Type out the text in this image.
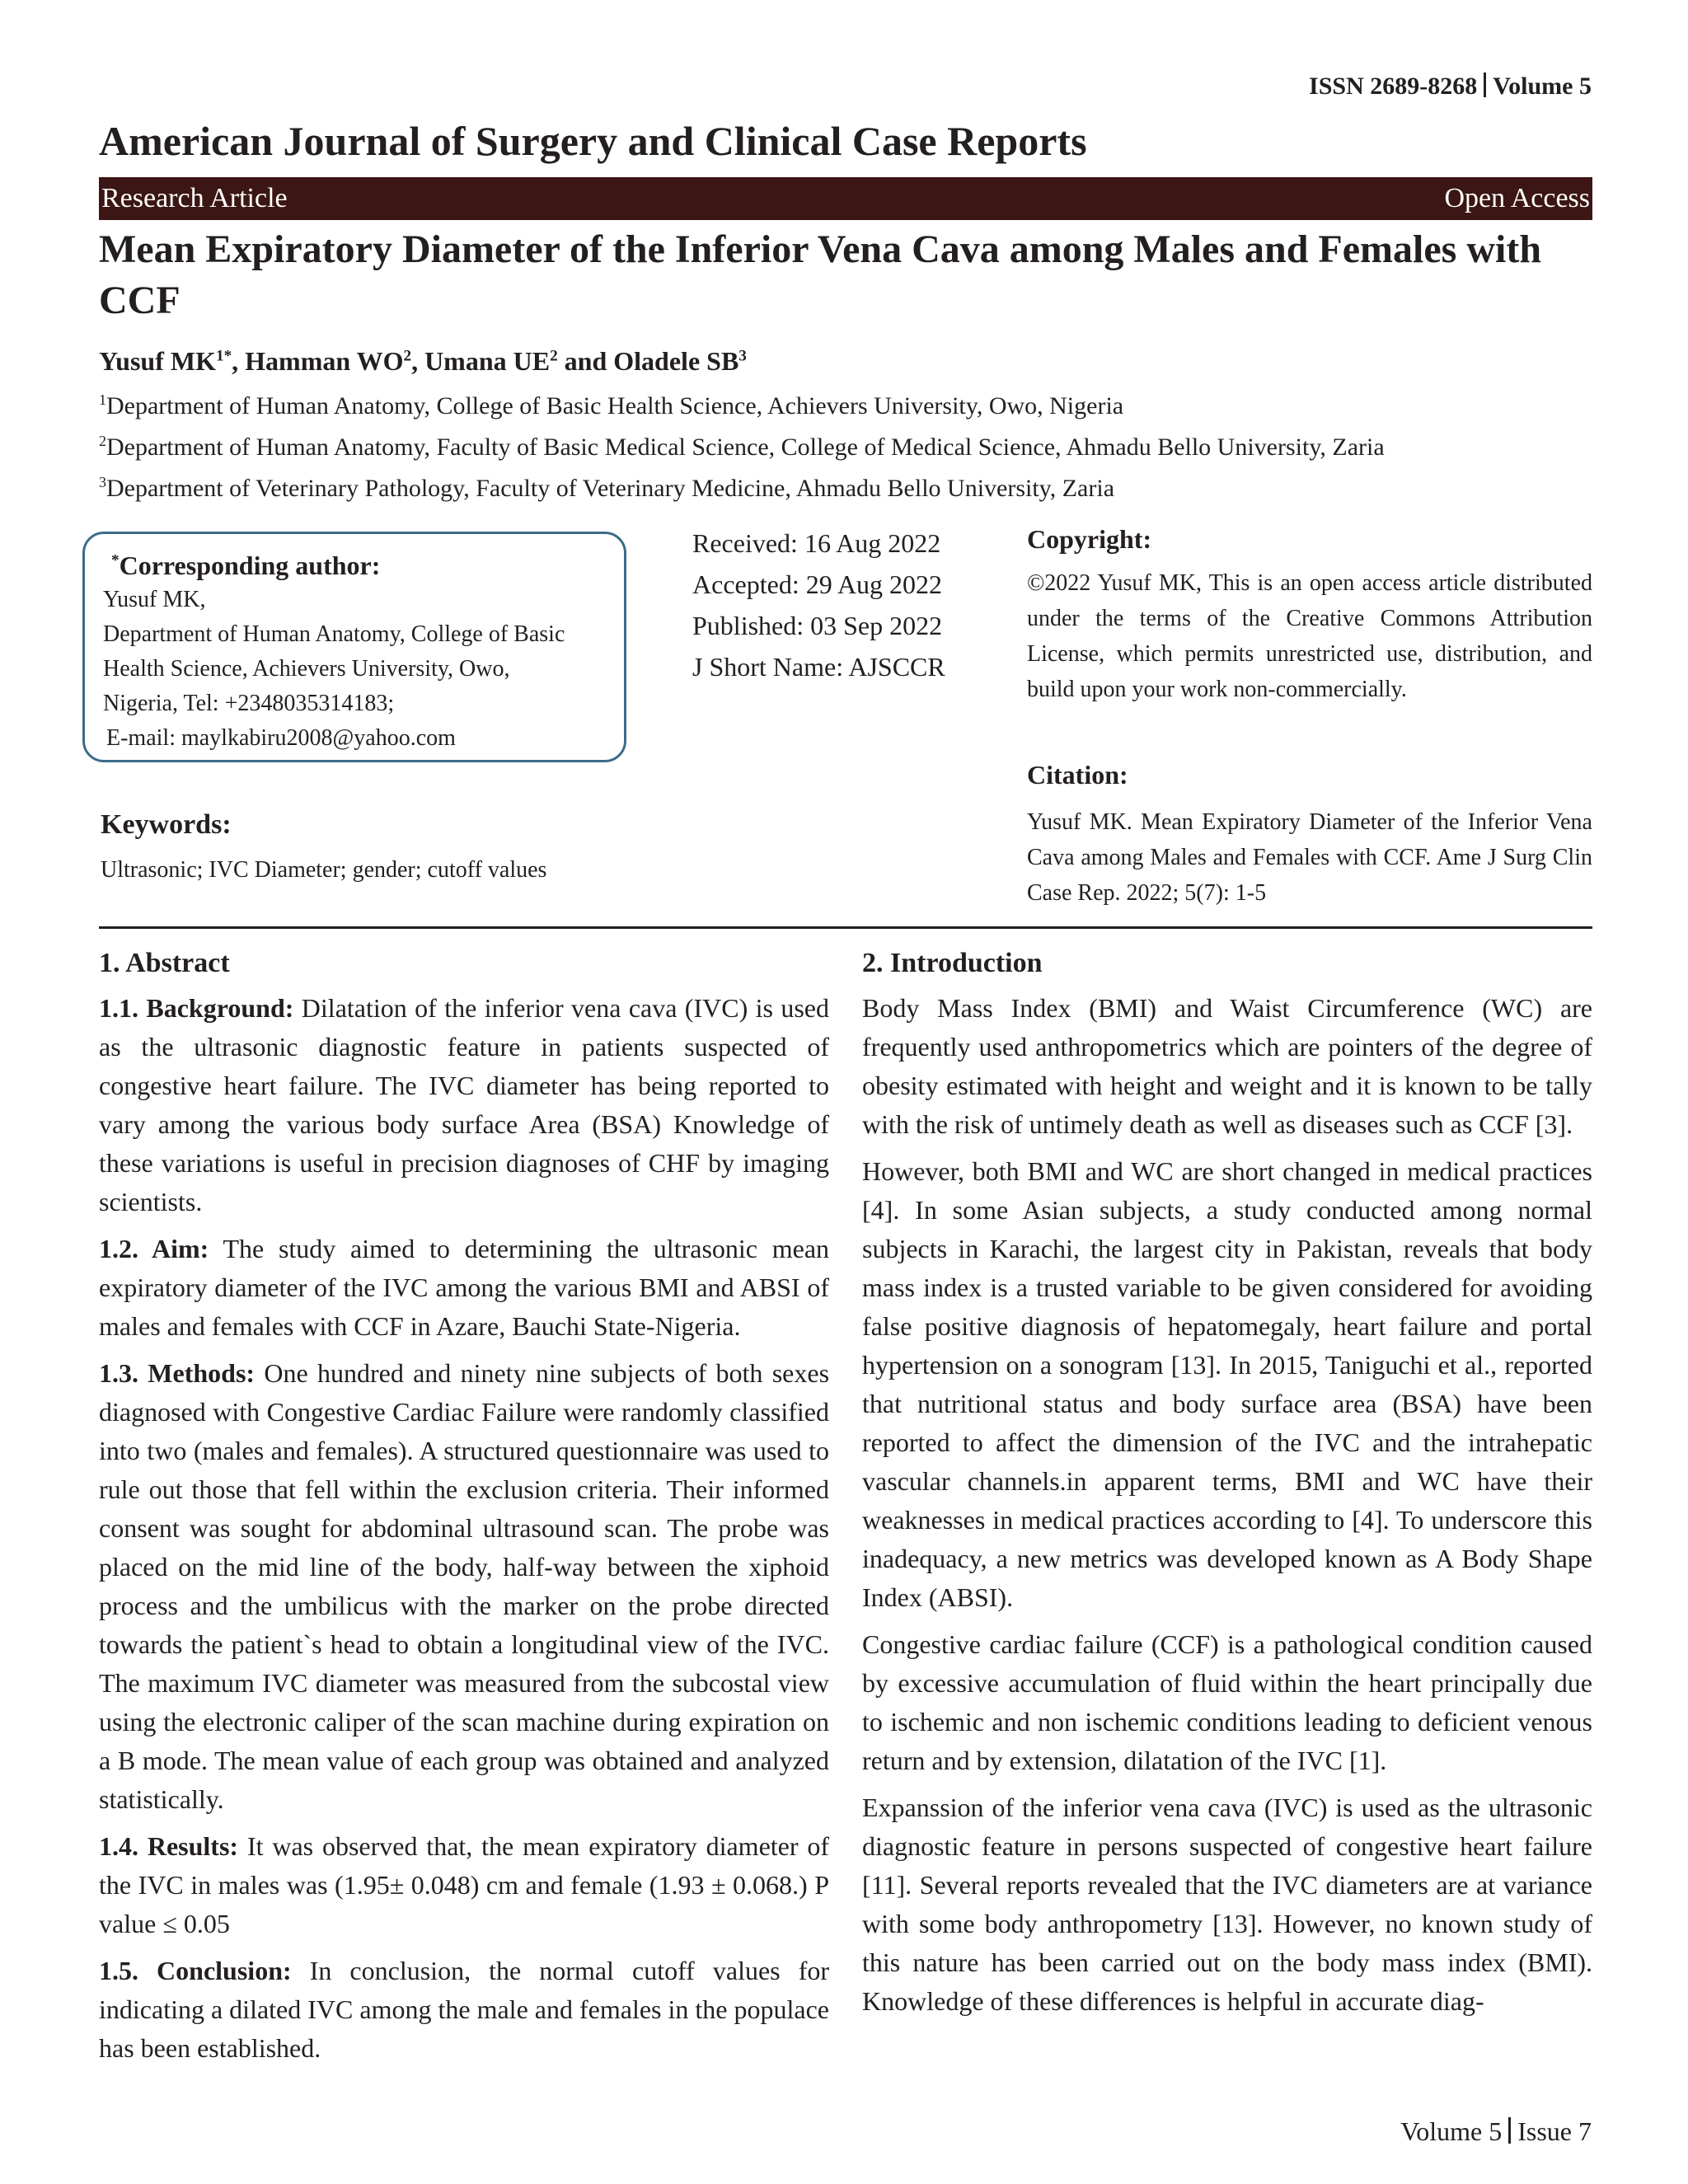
ISSN 2689-8268 Volume 5
American Journal of Surgery and Clinical Case Reports
Research Article	Open Access
Mean Expiratory Diameter of the Inferior Vena Cava among Males and Females with CCF
Yusuf $MK^{1*}$, Hamman $WO^2$, Umana $UE^2$ and Oladele $SB^3$
$^1$Department of Human Anatomy, College of Basic Health Science, Achievers University, Owo, Nigeria
$^2$Department of Human Anatomy, Faculty of Basic Medical Science, College of Medical Science, Ahmadu Bello University, Zaria
$^3$Department of Veterinary Pathology, Faculty of Veterinary Medicine, Ahmadu Bello University, Zaria
*Corresponding author:
Yusuf MK,
Department of Human Anatomy, College of Basic
Health Science, Achievers University, Owo,
Nigeria, Tel: +2348035314183;
E-mail: maylkabiru2008@yahoo.com
Received: 16 Aug 2022
Accepted: 29 Aug 2022
Published: 03 Sep 2022
J Short Name: AJSCCR
Copyright:
©2022 Yusuf MK, This is an open access article distributed under the terms of the Creative Commons Attribution License, which permits unrestricted use, distribution, and build upon your work non-commercially.
Citation:
Yusuf MK. Mean Expiratory Diameter of the Inferior Vena Cava among Males and Females with CCF. Ame J Surg Clin Case Rep. 2022; 5(7): 1-5
Keywords:
Ultrasonic; IVC Diameter; gender; cutoff values
1. Abstract

1.1. Background: Dilatation of the inferior vena cava (IVC) is used as the ultrasonic diagnostic feature in patients suspected of congestive heart failure. The IVC diameter has being reported to vary among the various body surface Area (BSA) Knowledge of these variations is useful in precision diagnoses of CHF by imaging scientists.

1.2. Aim: The study aimed to determining the ultrasonic mean expiratory diameter of the IVC among the various BMI and ABSI of males and females with CCF in Azare, Bauchi State-Nigeria.

1.3. Methods: One hundred and ninety nine subjects of both sexes diagnosed with Congestive Cardiac Failure were randomly classified into two (males and females). A structured questionnaire was used to rule out those that fell within the exclusion criteria. Their informed consent was sought for abdominal ultrasound scan. The probe was placed on the mid line of the body, half-way between the xiphoid process and the umbilicus with the marker on the probe directed towards the patient`s head to obtain a longitudinal view of the IVC. The maximum IVC diameter was measured from the subcostal view using the electronic caliper of the scan machine during expiration on a B mode. The mean value of each group was obtained and analyzed statistically.

1.4. Results: It was observed that, the mean expiratory diameter of the IVC in males was (1.95± 0.048) cm and female (1.93 ± 0.068.) P value ≤ 0.05

1.5. Conclusion: In conclusion, the normal cutoff values for indicating a dilated IVC among the male and females in the populace has been established.

2. Introduction

Body Mass Index (BMI) and Waist Circumference (WC) are frequently used anthropometrics which are pointers of the degree of obesity estimated with height and weight and it is known to be tally with the risk of untimely death as well as diseases such as CCF [3].

However, both BMI and WC are short changed in medical practices [4]. In some Asian subjects, a study conducted among normal subjects in Karachi, the largest city in Pakistan, reveals that body mass index is a trusted variable to be given considered for avoiding false positive diagnosis of hepatomegaly, heart failure and portal hypertension on a sonogram [13]. In 2015, Taniguchi et al., reported that nutritional status and body surface area (BSA) have been reported to affect the dimension of the IVC and the intrahepatic vascular channels.in apparent terms, BMI and WC have their weaknesses in medical practices according to [4]. To underscore this inadequacy, a new metrics was developed known as A Body Shape Index (ABSI).

Congestive cardiac failure (CCF) is a pathological condition caused by excessive accumulation of fluid within the heart principally due to ischemic and non ischemic conditions leading to deficient venous return and by extension, dilatation of the IVC [1].

Expanssion of the inferior vena cava (IVC) is used as the ultrasonic diagnostic feature in persons suspected of congestive heart failure [11]. Several reports revealed that the IVC diameters are at variance with some body anthropometry [13]. However, no known study of this nature has been carried out on the body mass index (BMI). Knowledge of these differences is helpful in accurate diag-

Volume 5 Issue 7
